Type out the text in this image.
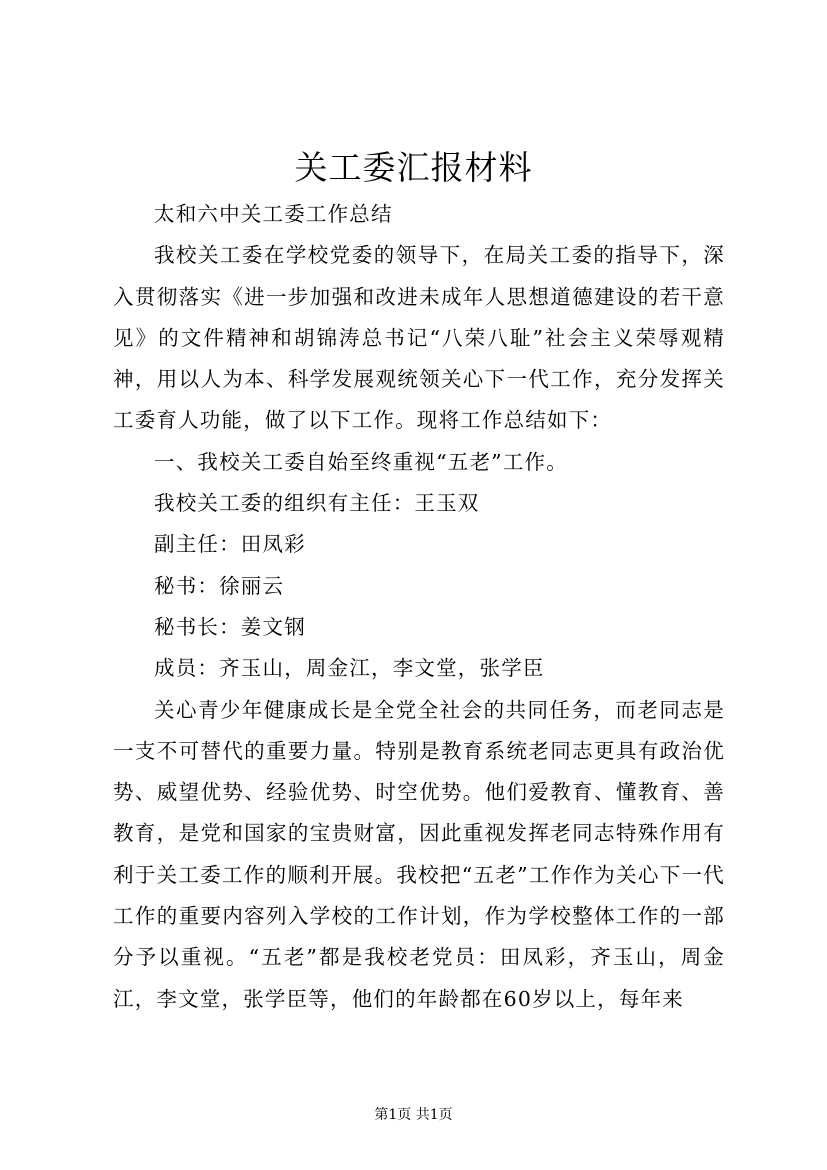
关工委汇报材料

太和六中关工委工作总结

我校关工委在学校党委的领导下，在局关工委的指导下，深入贯彻落实《进一步加强和改进未成年人思想道德建设的若干意见》的文件精神和胡锦涛总书记“八荣八耻”社会主义荣辱观精神，用以人为本、科学发展观统领关心下一代工作，充分发挥关工委育人功能，做了以下工作。现将工作总结如下：

一、我校关工委自始至终重视“五老”工作。

我校关工委的组织有主任：王玉双

副主任：田凤彩

秘书：徐丽云

秘书长：姜文钢

成员：齐玉山，周金江，李文堂，张学臣

关心青少年健康成长是全党全社会的共同任务，而老同志是一支不可替代的重要力量。特别是教育系统老同志更具有政治优势、威望优势、经验优势、时空优势。他们爱教育、懂教育、善教育，是党和国家的宝贵财富，因此重视发挥老同志特殊作用有利于关工委工作的顺利开展。我校把“五老”工作作为关心下一代工作的重要内容列入学校的工作计划，作为学校整体工作的一部分予以重视。“五老”都是我校老党员：田凤彩，齐玉山，周金江，李文堂，张学臣等，他们的年龄都在60岁以上，每年来

第1页 共1页
